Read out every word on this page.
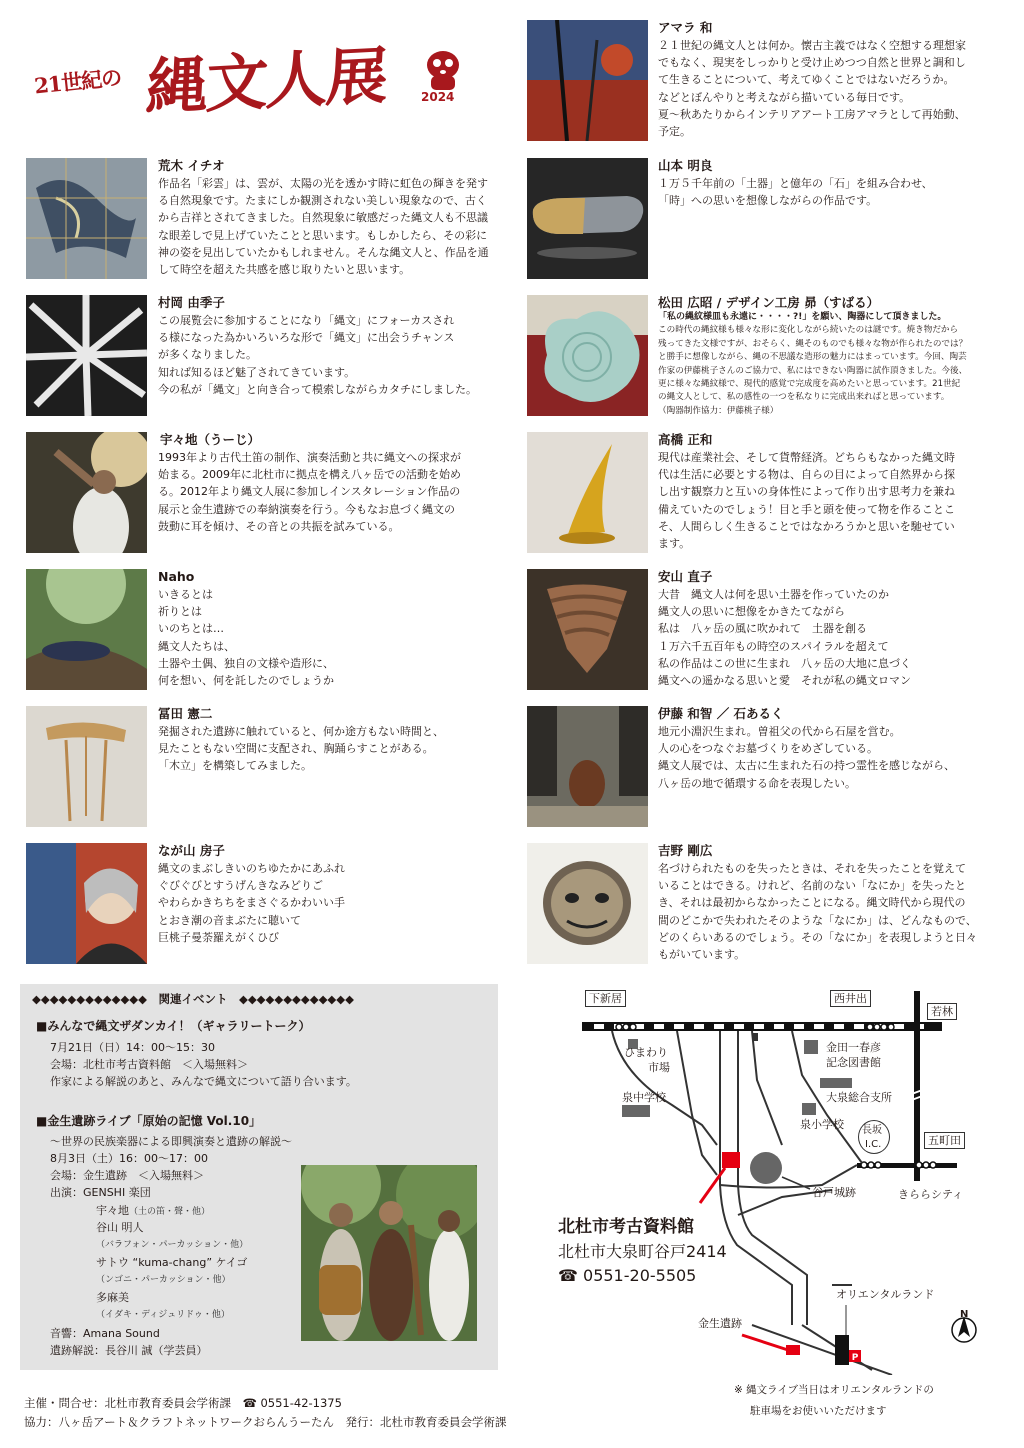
21世紀の 縄文人展	2024
荒木 イチオ

作品名「彩雲」は、雲が、太陽の光を透かす時に虹色の輝きを発す

る自然現象です。たまにしか観測されない美しい現象なので、古く

から吉祥とされてきました。自然現象に敏感だった縄文人も不思議

な眼差しで見上げていたことと思います。もしかしたら、その彩に

神の姿を見出していたかもしれません。そんな縄文人と、作品を通

して時空を超えた共感を感じ取りたいと思います。

村岡 由季子

この展覧会に参加することになり「縄文」にフォーカスされ

る様になった為かいろいろな形で「縄文」に出会うチャンス

が多くなりました。

知れば知るほど魅了されてきています。

今の私が「縄文」と向き合って模索しながらカタチにしました。

宇々地（うーじ）

1993年より古代土笛の制作、演奏活動と共に縄文への探求が

始まる。2009年に北杜市に拠点を構え八ヶ岳での活動を始め

る。2012年より縄文人展に参加しインスタレーション作品の

展示と金生遺跡での奉納演奏を行う。今もなお息づく縄文の

鼓動に耳を傾け、その音との共振を試みている。

Naho

いきるとは

祈りとは

いのちとは…

縄文人たちは、

土器や土偶、独自の文様や造形に、

何を想い、何を託したのでしょうか

冨田 憲二

発掘された遺跡に触れていると、何か途方もない時間と、

見たこともない空間に支配され、胸踊らすことがある。

「木立」を構築してみました。

なが山 房子

縄文のまぶしきいのちゆたかにあふれ

ぐびぐびとすうげんきなみどりご

やわらかきちちをまさぐるかわいい手

とおき潮の音まぶたに聴いて

巨桃子曼荼羅えがくひび

アマラ 和

２１世紀の縄文人とは何か。懐古主義ではなく空想する理想家

でもなく、現実をしっかりと受け止めつつ自然と世界と調和し

て生きることについて、考えてゆくことではないだろうか。

などとぼんやりと考えながら描いている毎日です。

夏〜秋あたりからインテリアアート工房アマラとして再始動、

予定。

山本 明良

１万５千年前の「土器」と億年の「石」を組み合わせ、

「時」への思いを想像しながらの作品です。

松田 広昭 / デザイン工房 昴（すばる）

「私の縄紋様皿も永遠に・・・・?!」を願い、陶器にして頂きました。

この時代の縄紋様も様々な形に変化しながら続いたのは謎です。焼き物だから

残ってきた文様ですが、おそらく、縄そのものでも様々な物が作られたのでは？

と勝手に想像しながら、縄の不思議な造形の魅力にはまっています。今回、陶芸

作家の伊藤桃子さんのご協力で、私にはできない陶器に試作頂きました。今後、

更に様々な縄紋様で、現代的感覚で完成度を高めたいと思っています。21世紀

の縄文人として、私の感性の一つを私なりに完成出来ればと思っています。

（陶器制作協力：伊藤桃子様）

高橋 正和

現代は産業社会、そして貨幣経済。どちらもなかった縄文時

代は生活に必要とする物は、自らの目によって自然界から探

し出す観察力と互いの身体性によって作り出す思考力を兼ね

備えていたのでしょう！目と手と頭を使って物を作ることこ

そ、人間らしく生きることではなかろうかと思いを馳せてい

ます。

安山 直子

大昔　縄文人は何を思い土器を作っていたのか

縄文人の思いに想像をかきたてながら

私は　八ヶ岳の風に吹かれて　土器を創る

１万六千五百年もの時空のスパイラルを超えて

私の作品はこの世に生まれ　八ヶ岳の大地に息づく

縄文への遥かなる思いと愛　それが私の縄文ロマン

伊藤 和智 ／ 石あるく

地元小淵沢生まれ。曽祖父の代から石屋を営む。

人の心をつなぐお墓づくりをめざしている。

縄文人展では、太古に生まれた石の持つ霊性を感じながら、

八ヶ岳の地で循環する命を表現したい。

吉野 剛広

名づけられたものを失ったときは、それを失ったことを覚えて

いることはできる。けれど、名前のない「なにか」を失ったと

き、それは最初からなかったことになる。縄文時代から現代の

間のどこかで失われたそのような「なにか」は、どんなもので、

どのくらいあるのでしょう。その「なにか」を表現しようと日々

もがいています。

◆◆◆◆◆◆◆◆◆◆◆◆◆　関連イベント　◆◆◆◆◆◆◆◆◆◆◆◆◆
■みんなで縄文ザダンカイ！（ギャラリートーク）
7月21日（日）14：00〜15：30
会場：北杜市考古資料館　＜入場無料＞
作家による解説のあと、みんなで縄文について語り合います。
■金生遺跡ライブ「原始の記憶 Vol.10」
〜世界の民族楽器による即興演奏と遺跡の解説〜
8月3日（土）16：00〜17：00
会場：金生遺跡　＜入場無料＞
出演：GENSHI 楽団
宇々地（土の笛・聲・他）
谷山 明人
（バラフォン・パーカッション・他）
サトウ “kuma-chang” ケイゴ
（ンゴニ・パーカッション・他）
多麻美
（イダキ・ディジュリドゥ・他）
音響：Amana Sound
遺跡解説：長谷川 誠（学芸員）
P
下新居	西井出
若林
ひまわり
市場
金田一春彦
記念図書館
大泉総合支所
泉中学校
泉小学校 長坂
I.C.	五町田
谷戸城跡	きららシティ
オリエンタルランド
金生遺跡
N
北杜市考古資料館
北杜市大泉町谷戸2414
☎ 0551-20-5505
※ 縄文ライブ当日はオリエンタルランドの
駐車場をお使いいただけます
主催・問合せ：北杜市教育委員会学術課　☎ 0551-42-1375
協力：八ヶ岳アート＆クラフトネットワークおらんうーたん　発行：北杜市教育委員会学術課
